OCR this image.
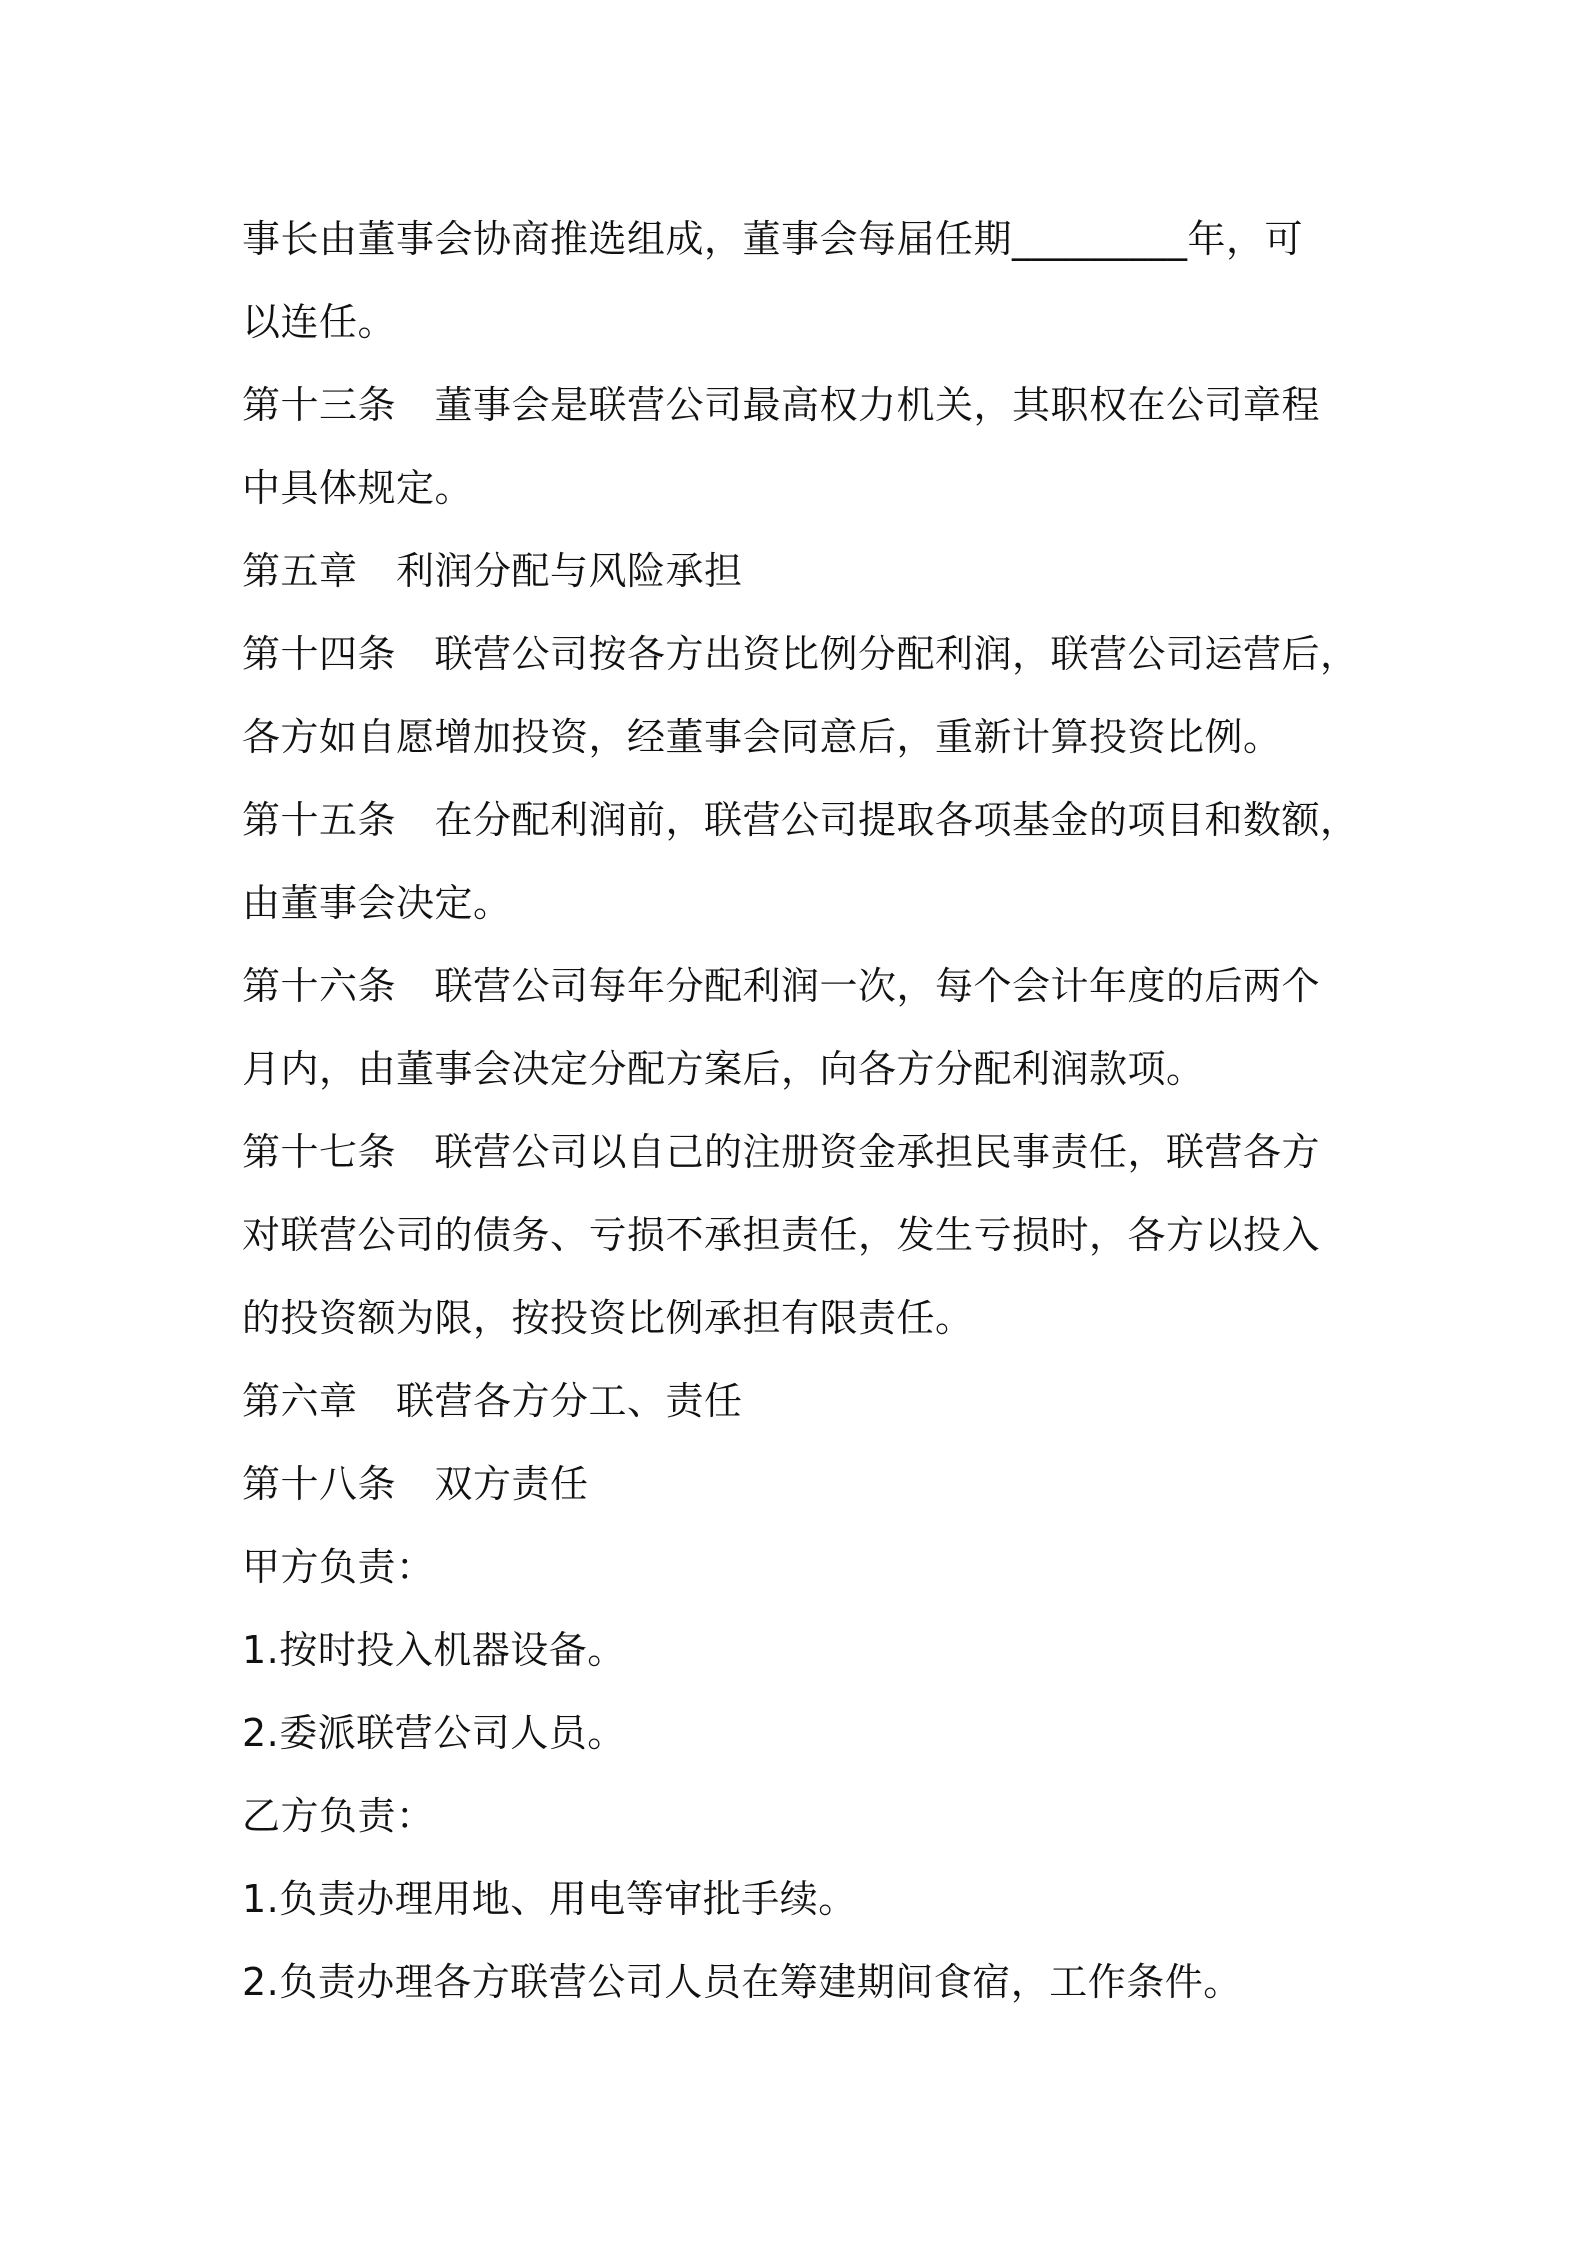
事长由董事会协商推选组成，董事会每届任期_________年，可
以连任。
第十三条　董事会是联营公司最高权力机关，其职权在公司章程
中具体规定。
第五章　利润分配与风险承担
第十四条　联营公司按各方出资比例分配利润，联营公司运营后，
各方如自愿增加投资，经董事会同意后，重新计算投资比例。
第十五条　在分配利润前，联营公司提取各项基金的项目和数额，
由董事会决定。
第十六条　联营公司每年分配利润一次，每个会计年度的后两个
月内，由董事会决定分配方案后，向各方分配利润款项。
第十七条　联营公司以自己的注册资金承担民事责任，联营各方
对联营公司的债务、亏损不承担责任，发生亏损时，各方以投入
的投资额为限，按投资比例承担有限责任。
第六章　联营各方分工、责任
第十八条　双方责任
甲方负责：
1.按时投入机器设备。
2.委派联营公司人员。
乙方负责：
1.负责办理用地、用电等审批手续。
2.负责办理各方联营公司人员在筹建期间食宿，工作条件。
